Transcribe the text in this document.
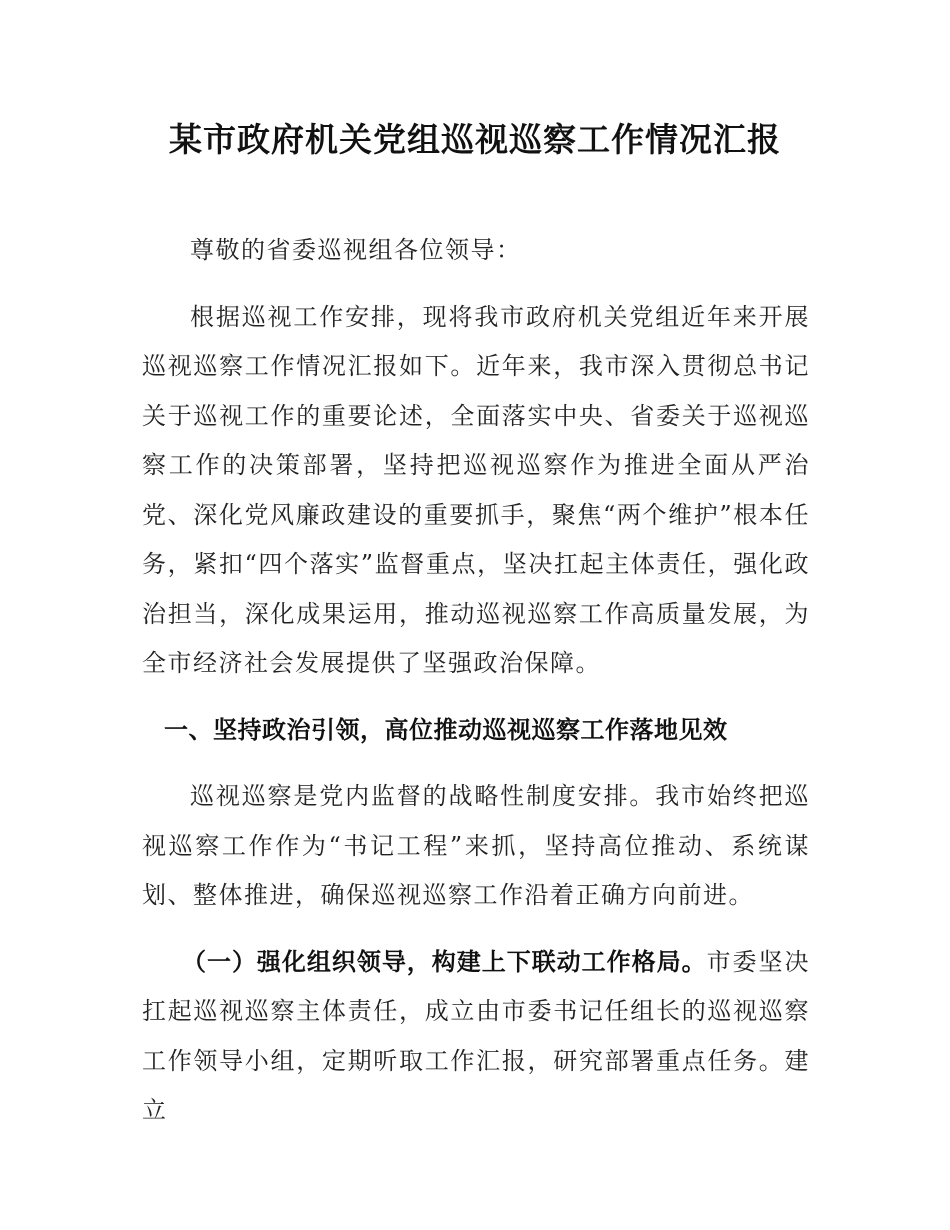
某市政府机关党组巡视巡察工作情况汇报

尊敬的省委巡视组各位领导：

根据巡视工作安排，现将我市政府机关党组近年来开展巡视巡察工作情况汇报如下。近年来，我市深入贯彻总书记关于巡视工作的重要论述，全面落实中央、省委关于巡视巡察工作的决策部署，坚持把巡视巡察作为推进全面从严治党、深化党风廉政建设的重要抓手，聚焦“两个维护”根本任务，紧扣“四个落实”监督重点，坚决扛起主体责任，强化政治担当，深化成果运用，推动巡视巡察工作高质量发展，为全市经济社会发展提供了坚强政治保障。

一、坚持政治引领，高位推动巡视巡察工作落地见效

巡视巡察是党内监督的战略性制度安排。我市始终把巡视巡察工作作为“书记工程”来抓，坚持高位推动、系统谋划、整体推进，确保巡视巡察工作沿着正确方向前进。

（一）强化组织领导，构建上下联动工作格局。市委坚决扛起巡视巡察主体责任，成立由市委书记任组长的巡视巡察工作领导小组，定期听取工作汇报，研究部署重点任务。建立
